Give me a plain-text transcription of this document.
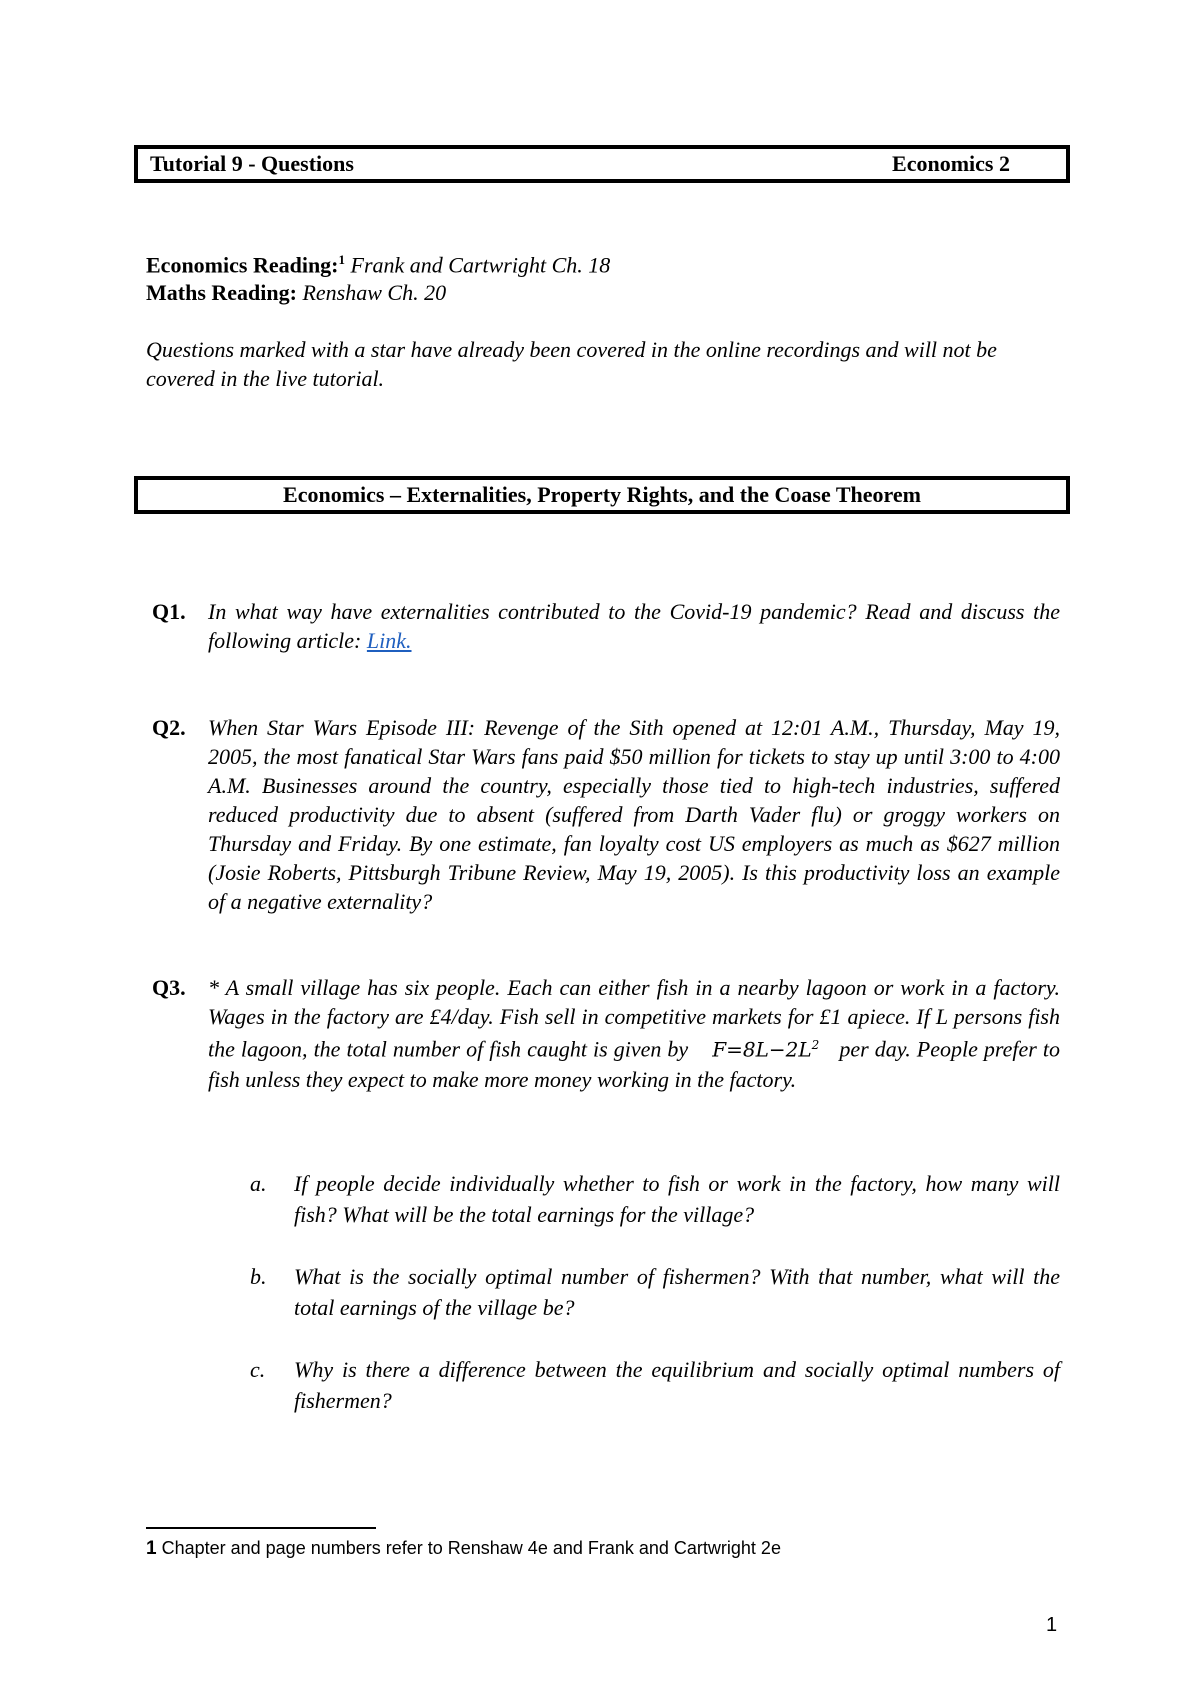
Tutorial 9 - Questions	Economics 2
Economics Reading:$^1$ Frank and Cartwright Ch. 18
Maths Reading: Renshaw Ch. 20
Questions marked with a star have already been covered in the online recordings and will not be covered in the live tutorial.
Economics – Externalities, Property Rights, and the Coase Theorem
Q1. In what way have externalities contributed to the Covid-19 pandemic? Read and discuss the following article: Link.
Q2. When Star Wars Episode III: Revenge of the Sith opened at 12:01 A.M., Thursday, May 19, 2005, the most fanatical Star Wars fans paid $50 million for tickets to stay up until 3:00 to 4:00 A.M. Businesses around the country, especially those tied to high-tech industries, suffered reduced productivity due to absent (suffered from Darth Vader flu) or groggy workers on Thursday and Friday. By one estimate, fan loyalty cost US employers as much as $627 million (Josie Roberts, Pittsburgh Tribune Review, May 19, 2005). Is this productivity loss an example of a negative externality?
Q3. * A small village has six people. Each can either fish in a nearby lagoon or work in a factory. Wages in the factory are £4/day. Fish sell in competitive markets for £1 apiece. If L persons fish the lagoon, the total number of fish caught is given by $F=8L-2L^2$ per day. People prefer to fish unless they expect to make more money working in the factory.
a. If people decide individually whether to fish or work in the factory, how many will fish? What will be the total earnings for the village?
b. What is the socially optimal number of fishermen? With that number, what will the total earnings of the village be?
c. Why is there a difference between the equilibrium and socially optimal numbers of fishermen?
1 Chapter and page numbers refer to Renshaw 4e and Frank and Cartwright 2e
1
